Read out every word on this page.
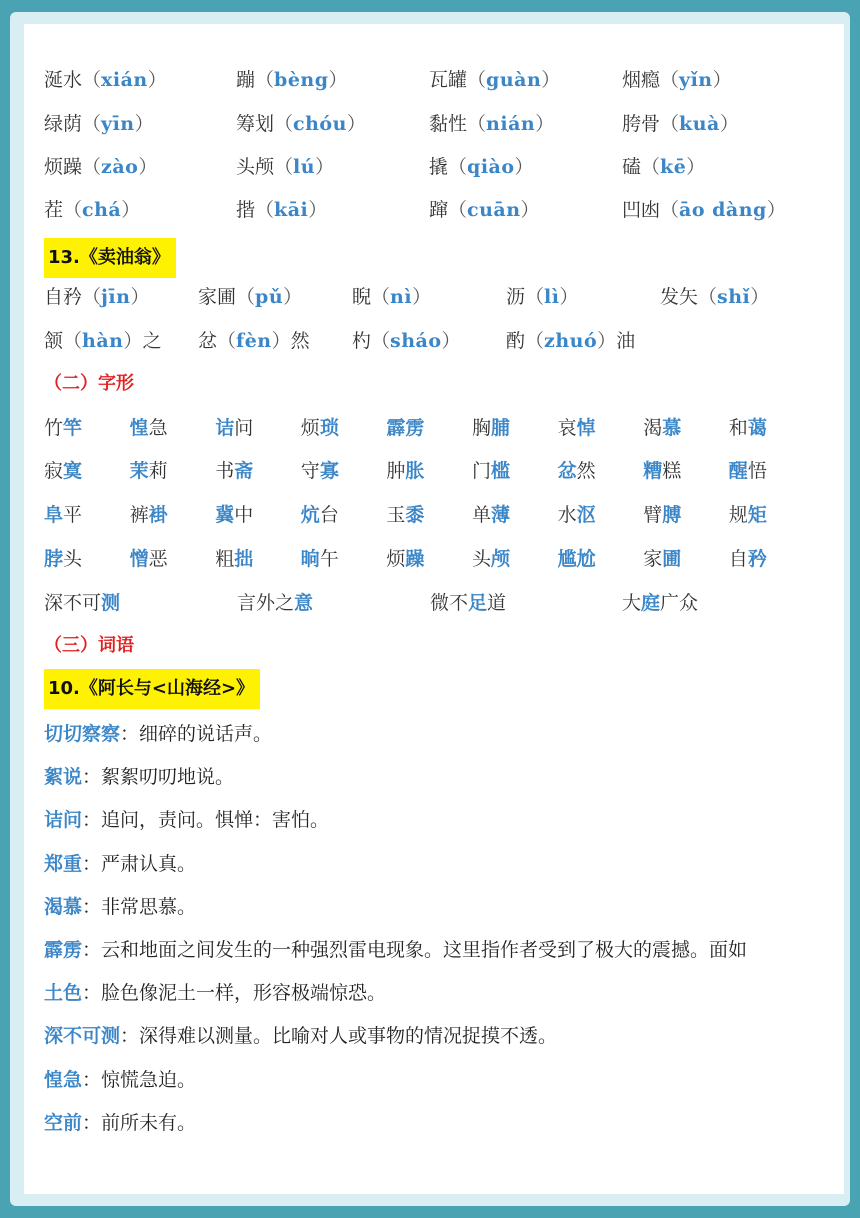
涎水（xián）	蹦（bèng）	瓦罐（guàn）	烟瘾（yǐn）
绿荫（yīn）	筹划（chóu）	黏性（nián）	胯骨（kuà）
烦躁（zào）	头颅（lú）	撬（qiào）	磕（kē）
茬（chá）	揩（kāi）	蹿（cuān）	凹凼（āo dàng）
13.《卖油翁》
自矜（jīn）	家圃（pǔ）	睨（nì）	沥（lì）	发矢（shǐ）
颔（hàn）之 忿（fèn）然 杓（sháo） 酌（zhuó）油
（二）字形
竹竿	惶急	诘问	烦琐	霹雳	胸脯	哀悼	渴慕	和蔼
寂寞	茉莉	书斋	守寡	肿胀	门槛	忿然	糟糕	醒悟
阜平	裤褂	冀中	炕台	玉黍	单薄	水沤	臂膊	规矩
脖头	憎恶	粗拙	晌午	烦躁	头颅	尴尬	家圃	自矜
深不可测	言外之意	微不足道	大庭广众
（三）词语
10.《阿长与<山海经>》
切切察察：细碎的说话声。
絮说：絮絮叨叨地说。
诘问：追问，责问。惧惮：害怕。
郑重：严肃认真。
渴慕：非常思慕。
霹雳：云和地面之间发生的一种强烈雷电现象。这里指作者受到了极大的震撼。面如
土色：脸色像泥土一样，形容极端惊恐。
深不可测：深得难以测量。比喻对人或事物的情况捉摸不透。
惶急：惊慌急迫。
空前：前所未有。
